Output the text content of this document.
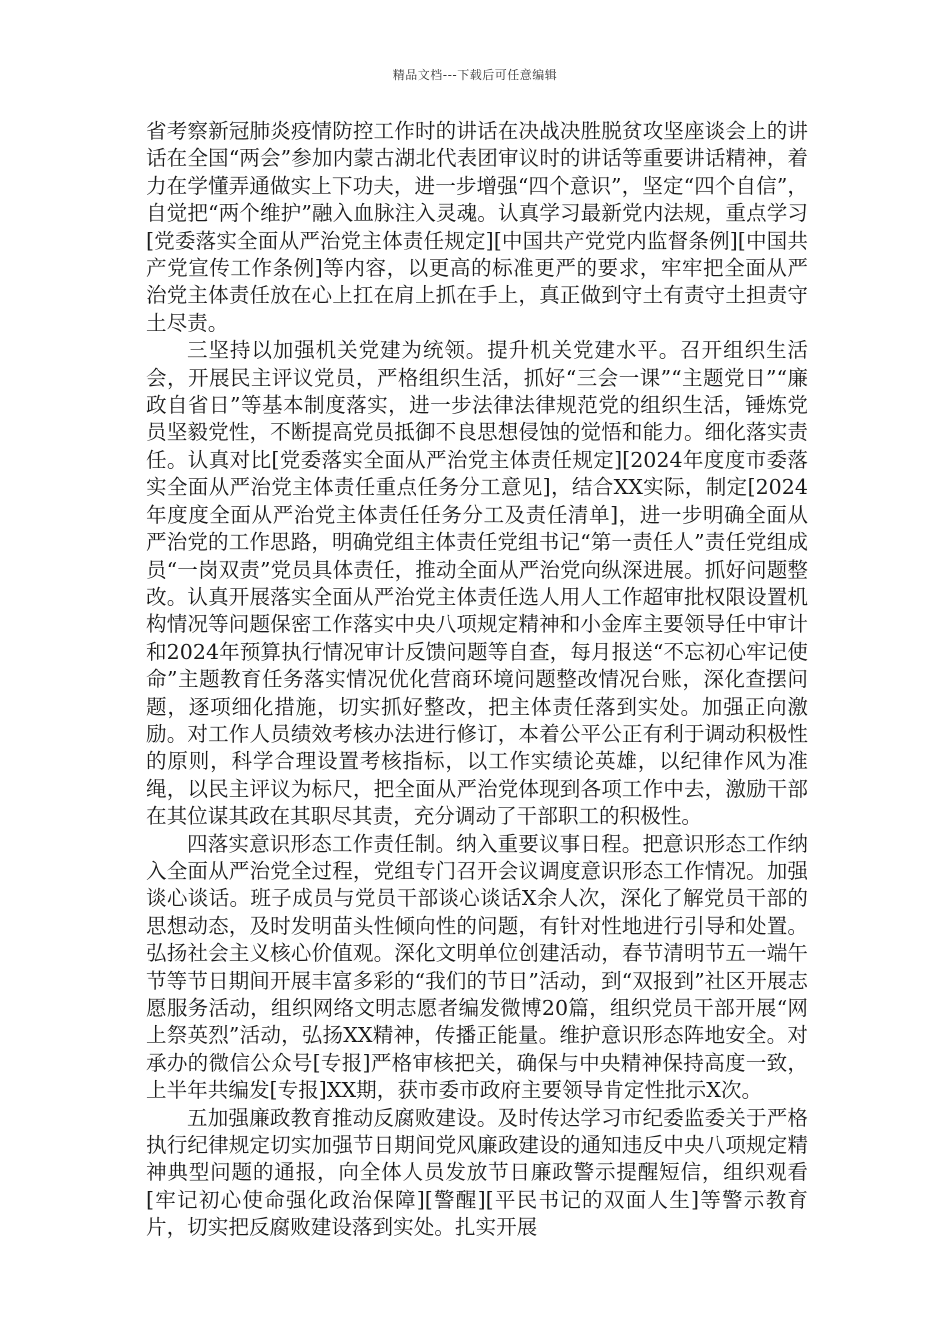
精品文档---下载后可任意编辑

省考察新冠肺炎疫情防控工作时的讲话在决战决胜脱贫攻坚座谈会上的讲话在全国“两会”参加内蒙古湖北代表团审议时的讲话等重要讲话精神，着力在学懂弄通做实上下功夫，进一步增强“四个意识”，坚定“四个自信”，自觉把“两个维护”融入血脉注入灵魂。认真学习最新党内法规，重点学习[党委落实全面从严治党主体责任规定][中国共产党党内监督条例][中国共产党宣传工作条例]等内容，以更高的标准更严的要求，牢牢把全面从严治党主体责任放在心上扛在肩上抓在手上，真正做到守土有责守土担责守土尽责。

三坚持以加强机关党建为统领。提升机关党建水平。召开组织生活会，开展民主评议党员，严格组织生活，抓好“三会一课”“主题党日”“廉政自省日”等基本制度落实，进一步法律法律规范党的组织生活，锤炼党员坚毅党性，不断提高党员抵御不良思想侵蚀的觉悟和能力。细化落实责任。认真对比[党委落实全面从严治党主体责任规定][2024年度度市委落实全面从严治党主体责任重点任务分工意见]，结合XX实际，制定[2024年度度全面从严治党主体责任任务分工及责任清单]，进一步明确全面从严治党的工作思路，明确党组主体责任党组书记“第一责任人”责任党组成员“一岗双责”党员具体责任，推动全面从严治党向纵深进展。抓好问题整改。认真开展落实全面从严治党主体责任选人用人工作超审批权限设置机构情况等问题保密工作落实中央八项规定精神和小金库主要领导任中审计和2024年预算执行情况审计反馈问题等自查，每月报送“不忘初心牢记使命”主题教育任务落实情况优化营商环境问题整改情况台账，深化查摆问题，逐项细化措施，切实抓好整改，把主体责任落到实处。加强正向激励。对工作人员绩效考核办法进行修订，本着公平公正有利于调动积极性的原则，科学合理设置考核指标，以工作实绩论英雄，以纪律作风为准绳，以民主评议为标尺，把全面从严治党体现到各项工作中去，激励干部在其位谋其政在其职尽其责，充分调动了干部职工的积极性。

四落实意识形态工作责任制。纳入重要议事日程。把意识形态工作纳入全面从严治党全过程，党组专门召开会议调度意识形态工作情况。加强谈心谈话。班子成员与党员干部谈心谈话X余人次，深化了解党员干部的思想动态，及时发明苗头性倾向性的问题，有针对性地进行引导和处置。弘扬社会主义核心价值观。深化文明单位创建活动，春节清明节五一端午节等节日期间开展丰富多彩的“我们的节日”活动，到“双报到”社区开展志愿服务活动，组织网络文明志愿者编发微博20篇，组织党员干部开展“网上祭英烈”活动，弘扬XX精神，传播正能量。维护意识形态阵地安全。对承办的微信公众号[专报]严格审核把关，确保与中央精神保持高度一致，上半年共编发[专报]XX期，获市委市政府主要领导肯定性批示X次。

五加强廉政教育推动反腐败建设。及时传达学习市纪委监委关于严格执行纪律规定切实加强节日期间党风廉政建设的通知违反中央八项规定精神典型问题的通报，向全体人员发放节日廉政警示提醒短信，组织观看[牢记初心使命强化政治保障][警醒][平民书记的双面人生]等警示教育片，切实把反腐败建设落到实处。扎实开展
